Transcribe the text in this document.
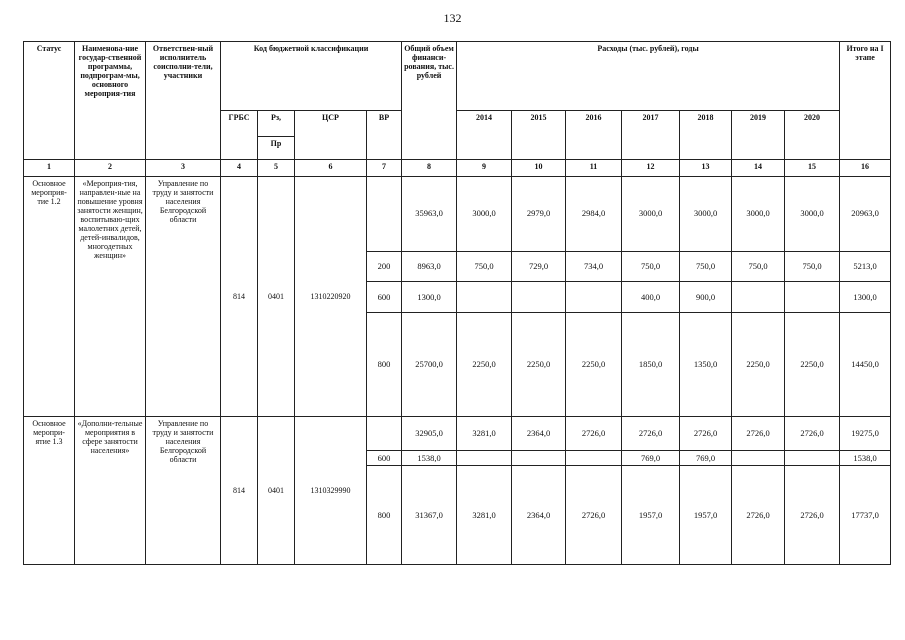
132
Статус	Наименова-ние государ-ственной программы, подпрограм-мы, основного мероприя-тия	Ответствен-ный исполнитель соисполни-тели, участники	Код бюджетной классификации				Общий объем финанси-рования, тыс. рублей	Расходы (тыс. рублей), годы							Итого на I этапе
			ГРБС	Рз,	ЦСР	ВР		2014	2015	2016	2017	2018	2019	2020	
				Пр											
1	2	3	4	5	6	7	8	9	10	11	12	13	14	15	16
Основное мероприя-тие 1.2	«Мероприя-тия, направлен-ные на повышение уровня занятости женщин, воспитываю-щих малолетних детей, детей-инвалидов, многодетных женщин»	Управление по труду и занятости населения Белгородской области	814	0401	1310220920		35963,0	3000,0	2979,0	2984,0	3000,0	3000,0	3000,0	3000,0	20963,0
						200	8963,0	750,0	729,0	734,0	750,0	750,0	750,0	750,0	5213,0
						600	1300,0				400,0	900,0			1300,0
						800	25700,0	2250,0	2250,0	2250,0	1850,0	1350,0	2250,0	2250,0	14450,0
Основное меропри-ятие 1.3	«Дополни-тельные мероприятия в сфере занятости населения»	Управление по труду и занятости населения Белгородской области	814	0401	1310329990		32905,0	3281,0	2364,0	2726,0	2726,0	2726,0	2726,0	2726,0	19275,0
						600	1538,0				769,0	769,0			1538,0
						800	31367,0	3281,0	2364,0	2726,0	1957,0	1957,0	2726,0	2726,0	17737,0
